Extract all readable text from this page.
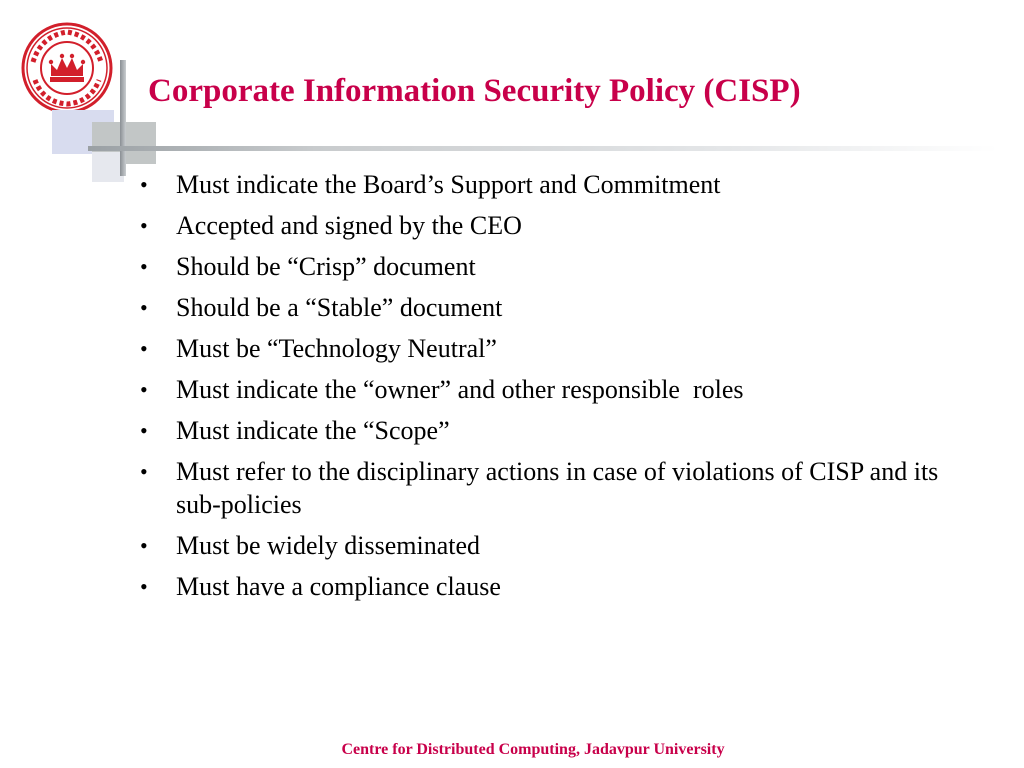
Corporate Information Security Policy (CISP)
•	Must indicate the Board’s Support and Commitment
•	Accepted and signed by the CEO
•	Should be “Crisp” document
•	Should be a “Stable” document
•	Must be “Technology Neutral”
•	Must indicate the “owner” and other responsible  roles
•	Must indicate the “Scope”
•	Must refer to the disciplinary actions in case of violations of CISP and its sub-policies
•	Must be widely disseminated
•	Must have a compliance clause
Centre for Distributed Computing, Jadavpur University
